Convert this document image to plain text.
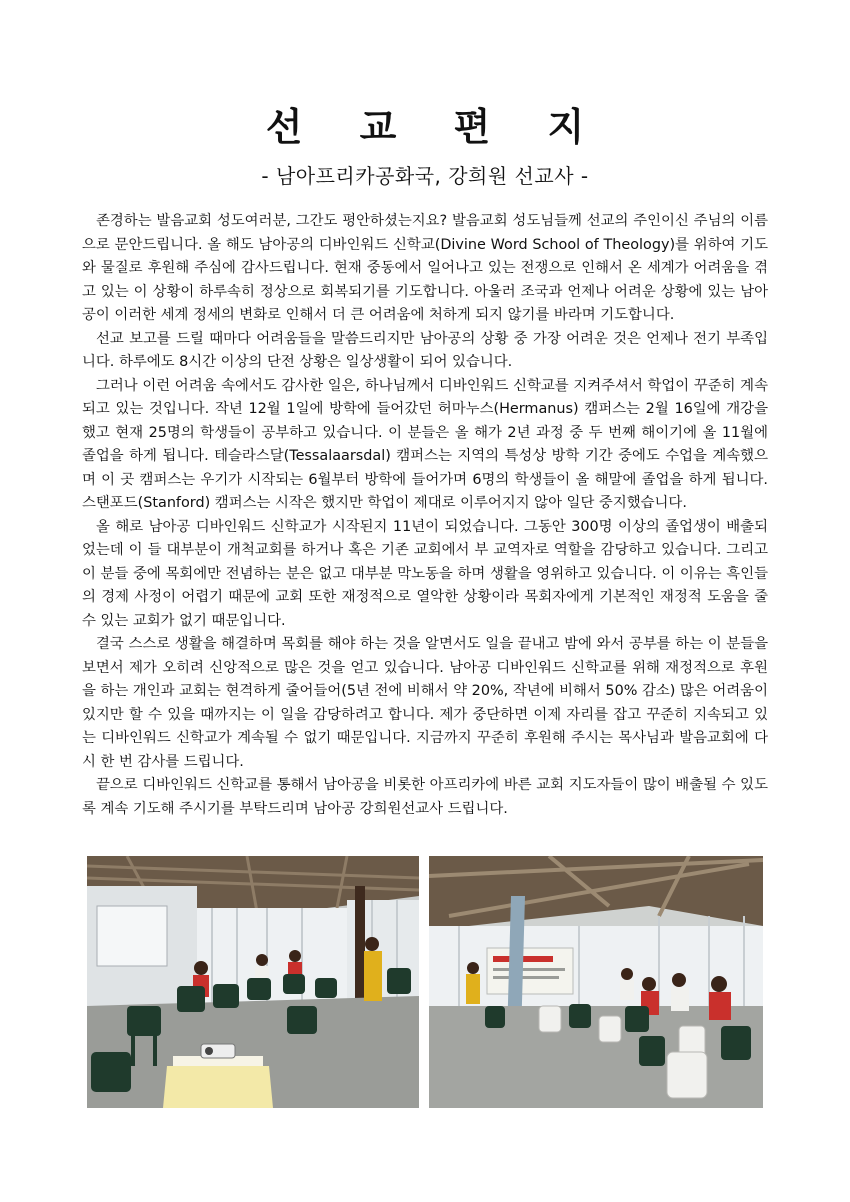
선 교 편 지
- 남아프리카공화국, 강희원 선교사 -

존경하는 발음교회 성도여러분, 그간도 평안하셨는지요? 발음교회 성도님들께 선교의 주인이신 주님의 이름으로 문안드립니다. 올 해도 남아공의 디바인워드 신학교(Divine Word School of Theology)를 위하여 기도와 물질로 후원해 주심에 감사드립니다. 현재 중동에서 일어나고 있는 전쟁으로 인해서 온 세계가 어려움을 겪고 있는 이 상황이 하루속히 정상으로 회복되기를 기도합니다. 아울러 조국과 언제나 어려운 상황에 있는 남아공이 이러한 세계 정세의 변화로 인해서 더 큰 어려움에 처하게 되지 않기를 바라며 기도합니다.

선교 보고를 드릴 때마다 어려움들을 말씀드리지만 남아공의 상황 중 가장 어려운 것은 언제나 전기 부족입니다. 하루에도 8시간 이상의 단전 상황은 일상생활이 되어 있습니다.

그러나 이런 어려움 속에서도 감사한 일은, 하나님께서 디바인워드 신학교를 지켜주셔서 학업이 꾸준히 계속되고 있는 것입니다. 작년 12월 1일에 방학에 들어갔던 허마누스(Hermanus) 캠퍼스는 2월 16일에 개강을 했고 현재 25명의 학생들이 공부하고 있습니다. 이 분들은 올 해가 2년 과정 중 두 번째 해이기에 올 11월에 졸업을 하게 됩니다. 테슬라스달(Tessalaarsdal) 캠퍼스는 지역의 특성상 방학 기간 중에도 수업을 계속했으며 이 곳 캠퍼스는 우기가 시작되는 6월부터 방학에 들어가며 6명의 학생들이 올 해말에 졸업을 하게 됩니다. 스탠포드(Stanford) 캠퍼스는 시작은 했지만 학업이 제대로 이루어지지 않아 일단 중지했습니다.

올 해로 남아공 디바인워드 신학교가 시작된지 11년이 되었습니다. 그동안 300명 이상의 졸업생이 배출되었는데 이 들 대부분이 개척교회를 하거나 혹은 기존 교회에서 부 교역자로 역할을 감당하고 있습니다. 그리고 이 분들 중에 목회에만 전념하는 분은 없고 대부분 막노동을 하며 생활을 영위하고 있습니다. 이 이유는 흑인들의 경제 사정이 어렵기 때문에 교회 또한 재정적으로 열악한 상황이라 목회자에게 기본적인 재정적 도움을 줄 수 있는 교회가 없기 때문입니다.

결국 스스로 생활을 해결하며 목회를 해야 하는 것을 알면서도 일을 끝내고 밤에 와서 공부를 하는 이 분들을 보면서 제가 오히려 신앙적으로 많은 것을 얻고 있습니다. 남아공 디바인워드 신학교를 위해 재정적으로 후원을 하는 개인과 교회는 현격하게 줄어들어(5년 전에 비해서 약 20%, 작년에 비해서 50% 감소) 많은 어려움이 있지만 할 수 있을 때까지는 이 일을 감당하려고 합니다. 제가 중단하면 이제 자리를 잡고 꾸준히 지속되고 있는 디바인워드 신학교가 계속될 수 없기 때문입니다. 지금까지 꾸준히 후원해 주시는 목사님과 발음교회에 다시 한 번 감사를 드립니다.

끝으로 디바인워드 신학교를 통해서 남아공을 비롯한 아프리카에 바른 교회 지도자들이 많이 배출될 수 있도록 계속 기도해 주시기를 부탁드리며 남아공 강희원선교사 드립니다.
